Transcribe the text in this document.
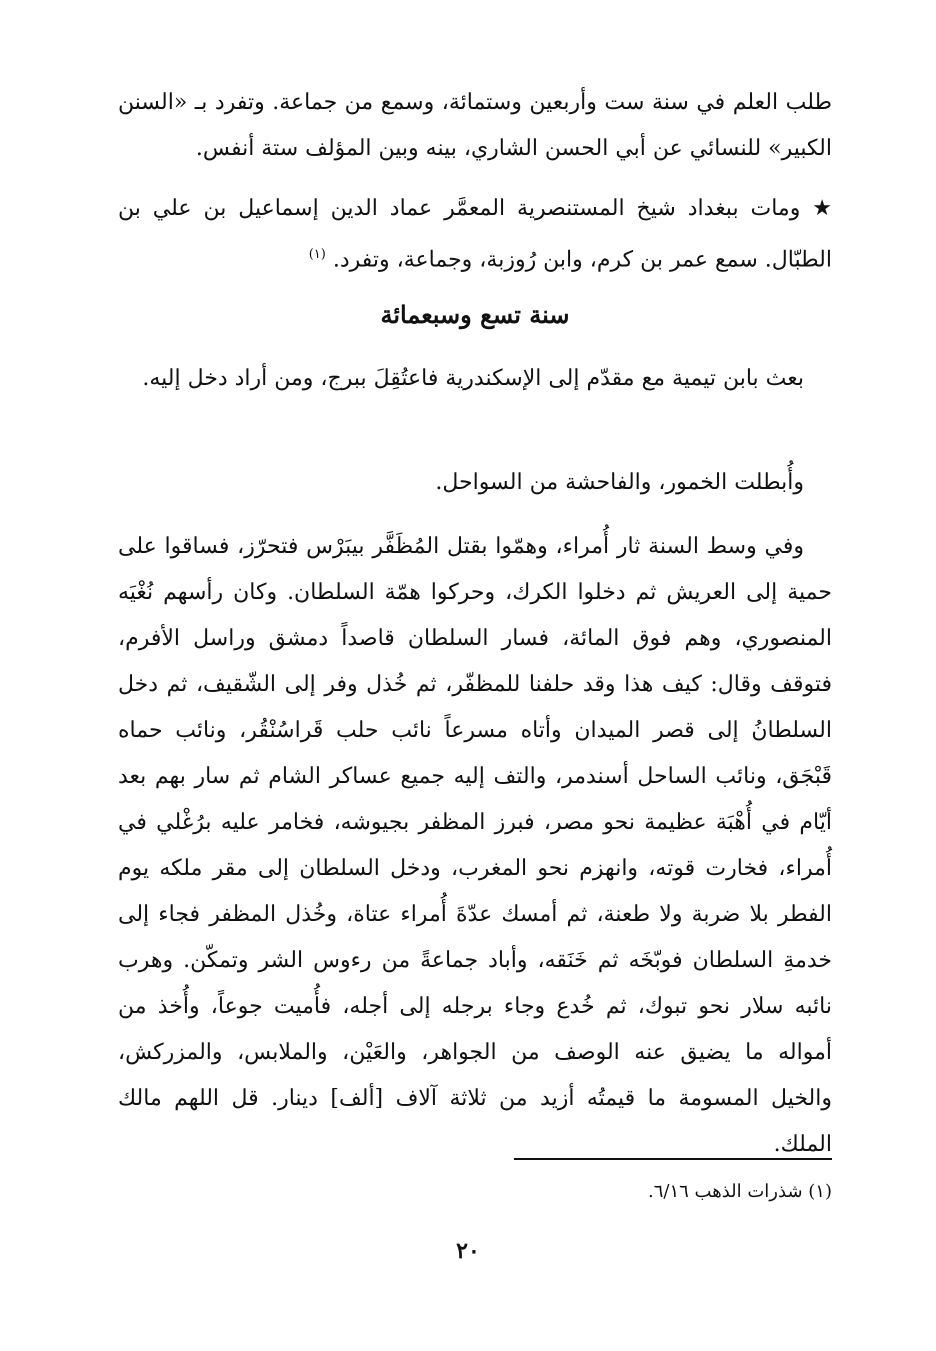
طلب العلم في سنة ست وأربعين وستمائة، وسمع من جماعة. وتفرد بـ «السنن الكبير» للنسائي عن أبي الحسن الشاري، بينه وبين المؤلف ستة أنفس.

★ ومات ببغداد شيخ المستنصرية المعمَّر عماد الدين إسماعيل بن علي بن الطبّال. سمع عمر بن كرم، وابن رُوزبة، وجماعة، وتفرد. $^{(١)}$

سنة تسع وسبعمائة

بعث بابن تيمية مع مقدّم إلى الإسكندرية فاعتُقِلَ ببرج، ومن أراد دخل إليه.

وأُبطلت الخمور، والفاحشة من السواحل.

وفي وسط السنة ثار أُمراء، وهمّوا بقتل المُظَفَّر بيبَرْس فتحرّز، فساقوا على حمية إلى العريش ثم دخلوا الكرك، وحركوا همّة السلطان. وكان رأسهم نُغْيَه المنصوري، وهم فوق المائة، فسار السلطان قاصداً دمشق وراسل الأفرم، فتوقف وقال: كيف هذا وقد حلفنا للمظفّر، ثم خُذل وفر إلى الشّقيف، ثم دخل السلطانُ إلى قصر الميدان وأتاه مسرعاً نائب حلب قَراسُنْقُر، ونائب حماه قَبْجَق، ونائب الساحل أسندمر، والتف إليه جميع عساكر الشام ثم سار بهم بعد أيّام في أُهْبَة عظيمة نحو مصر، فبرز المظفر بجيوشه، فخامر عليه برُغْلي في أُمراء، فخارت قوته، وانهزم نحو المغرب، ودخل السلطان إلى مقر ملكه يوم الفطر بلا ضربة ولا طعنة، ثم أمسك عدّةَ أُمراء عتاة، وخُذل المظفر فجاء إلى خدمةِ السلطان فوبّخَه ثم خَنَقه، وأباد جماعةً من رءوس الشر وتمكّن. وهرب نائبه سلار نحو تبوك، ثم خُدع وجاء برجله إلى أجله، فأُميت جوعاً، وأُخذ من أمواله ما يضيق عنه الوصف من الجواهر، والعَيْن، والملابس، والمزركش، والخيل المسومة ما قيمتُه أزيد من ثلاثة آلاف [ألف] دينار. قل اللهم مالك الملك.

(١) شذرات الذهب ٦/١٦.

٢٠
